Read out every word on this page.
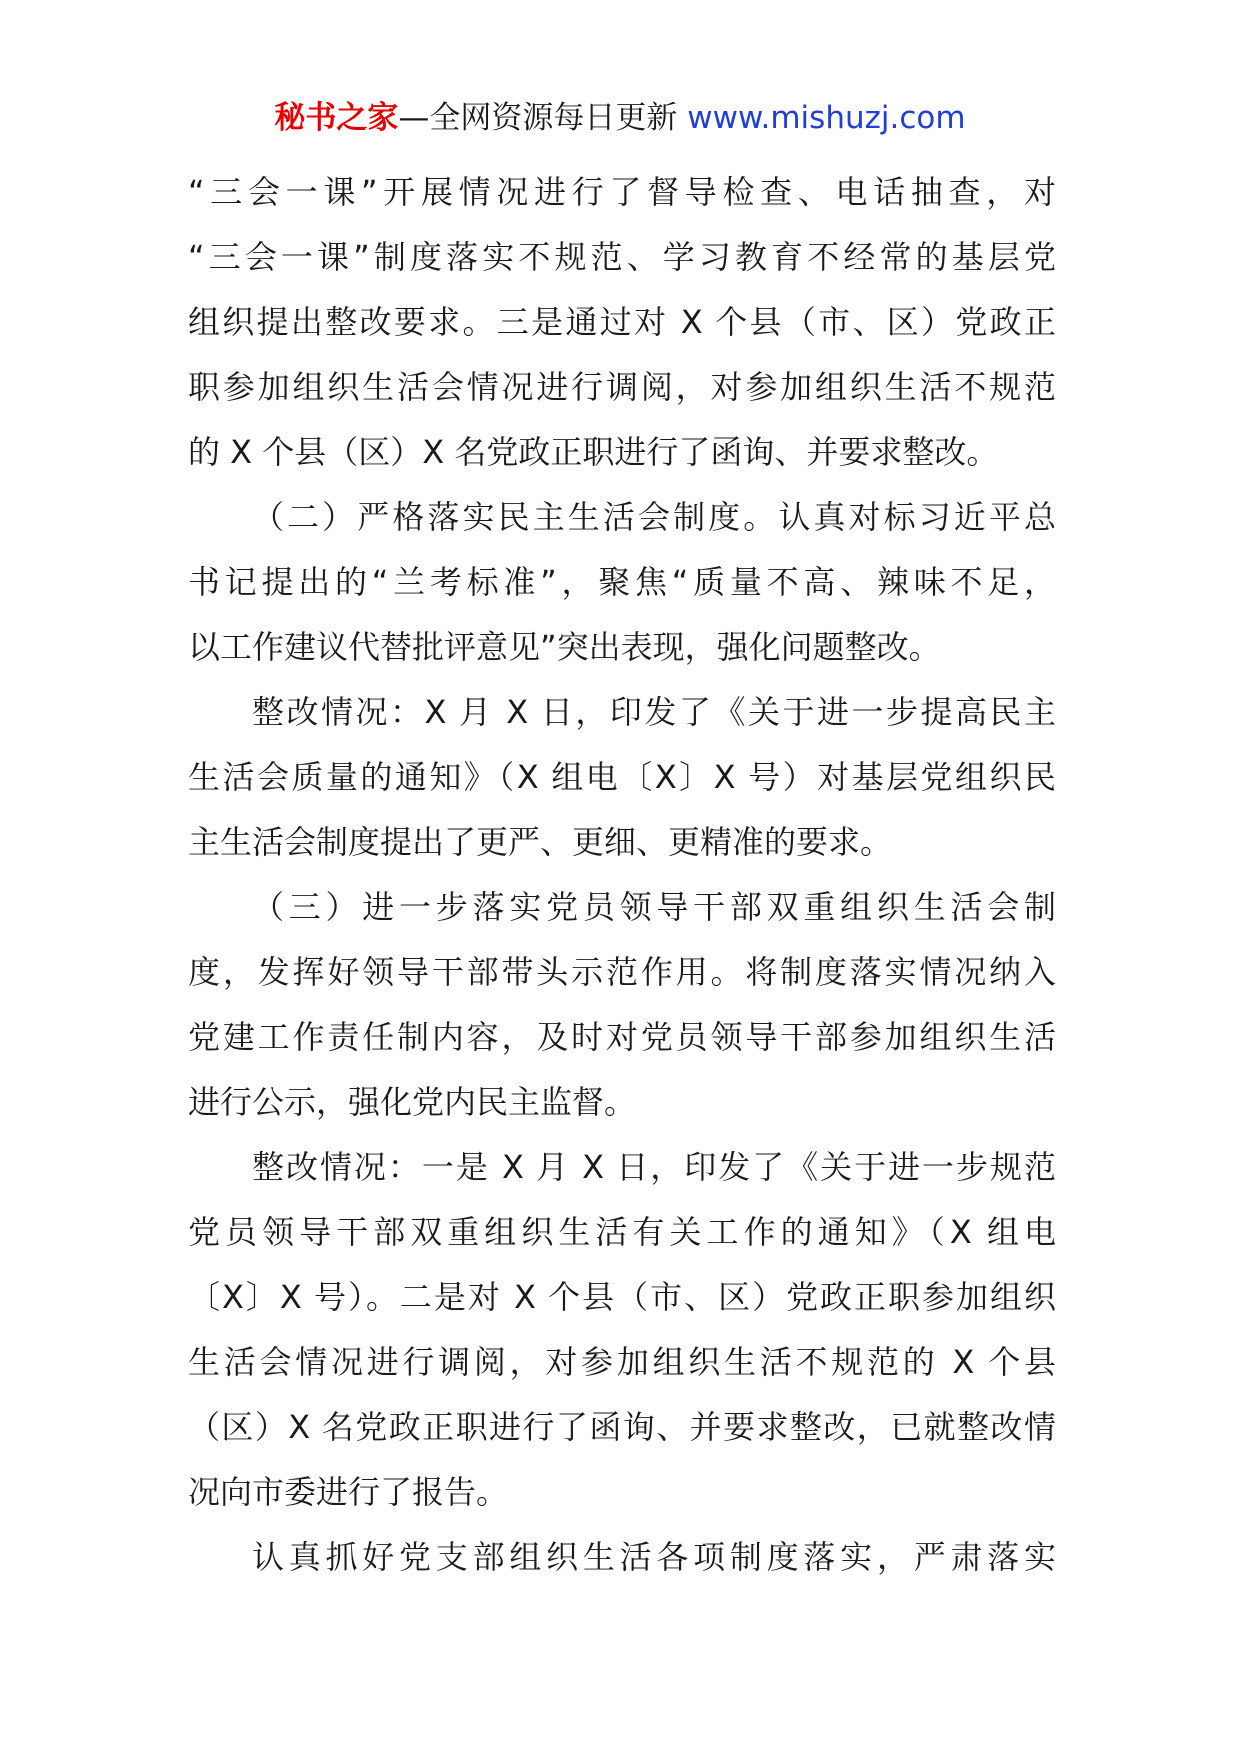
秘书之家—全网资源每日更新 www.mishuzj.com
“三会一课”开展情况进行了督导检查、电话抽查，对
“三会一课”制度落实不规范、学习教育不经常的基层党
组织提出整改要求。三是通过对 X 个县（市、区）党政正
职参加组织生活会情况进行调阅，对参加组织生活不规范
的 X 个县（区）X 名党政正职进行了函询、并要求整改。
（二）严格落实民主生活会制度。认真对标习近平总
书记提出的“兰考标准”，聚焦“质量不高、辣味不足，
以工作建议代替批评意见”突出表现，强化问题整改。
整改情况：X 月 X 日，印发了《关于进一步提高民主
生活会质量的通知》（X 组电〔X〕X 号）对基层党组织民
主生活会制度提出了更严、更细、更精准的要求。
（三）进一步落实党员领导干部双重组织生活会制
度，发挥好领导干部带头示范作用。将制度落实情况纳入
党建工作责任制内容，及时对党员领导干部参加组织生活
进行公示，强化党内民主监督。
整改情况：一是 X 月 X 日，印发了《关于进一步规范
党员领导干部双重组织生活有关工作的通知》（X 组电
〔X〕X 号）。二是对 X 个县（市、区）党政正职参加组织
生活会情况进行调阅，对参加组织生活不规范的 X 个县
（区）X 名党政正职进行了函询、并要求整改，已就整改情
况向市委进行了报告。
认真抓好党支部组织生活各项制度落实，严肃落实
